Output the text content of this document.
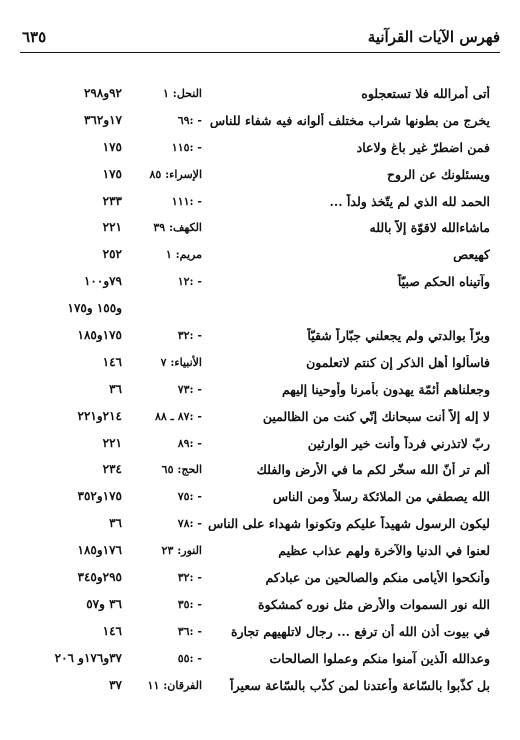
فهرس الآيات القرآنية
٦٣٥
أتى أمرالله فلا تستعجلوه
النحل: ١
٩٢و٢٩٨
يخرج من بطونها شراب مختلف ألوانه فيه شفاء للناس
- :٦٩
١٧و٣٦٢
فمن اضطرّ غير باغ ولاعاد
- :١١٥
١٧٥
ويسئلونك عن الروح
الإسراء: ٨٥
١٧٥
الحمد لله الذي لم يتّخذ ولداً ...
- :١١١
٢٣٣
ماشاءالله لاقوّة إلاّ بالله
الكهف: ٣٩
٢٢١
كهيعص
مريم: ١
٢٥٢
وآتيناه الحكم صبيّاً
- :١٢
٧٩و١٠٠
و١٥٥ و١٧٥
وبرّاً بوالدتي ولم يجعلني جبّاراً شقيّاً
- :٣٢
١٧٥و١٨٥
فاسألوا أهل الذكر إن كنتم لاتعلمون
الأنبياء: ٧
١٤٦
وجعلناهم أئمّة يهدون بأمرنا وأوحينا إليهم
- :٧٣
٣٦
لا إله إلاّ أنت سبحانك إنّي كنت من الظالمين
- :٨٧ ـ ٨٨
٢١٤و٢٢١
ربّ لاتذرني فرداً وأنت خير الوارثين
- :٨٩
٢٢١
ألم تر أنّ الله سخّر لكم ما في الأرض والفلك
الحج: ٦٥
٢٣٤
الله يصطفي من الملائكة رسلاً ومن الناس
- :٧٥
١٧٥و٣٥٢
ليكون الرسول شهيداً عليكم وتكونوا شهداء على الناس
- :٧٨
٣٦
لعنوا في الدنيا والآخرة ولهم عذاب عظيم
النور: ٢٣
١٧٦و١٨٥
وأنكحوا الأيامى منكم والصالحين من عبادكم
- :٣٢
٢٩٥و٣٤٥
الله نور السموات والأرض مثل نوره كمشكوة
- :٣٥
٣٦ و٥٧
في بيوت أذن الله أن ترفع ... رجال لاتلهيهم تجارة
- :٣٦
١٤٦
وعدالله الّذين آمنوا منكم وعملوا الصالحات
- :٥٥
٣٧و١٧٦و ٢٠٦
بل كذّبوا بالسّاعة وأعتدنا لمن كذّب بالسّاعة سعيراً
الفرقان: ١١
٣٧
